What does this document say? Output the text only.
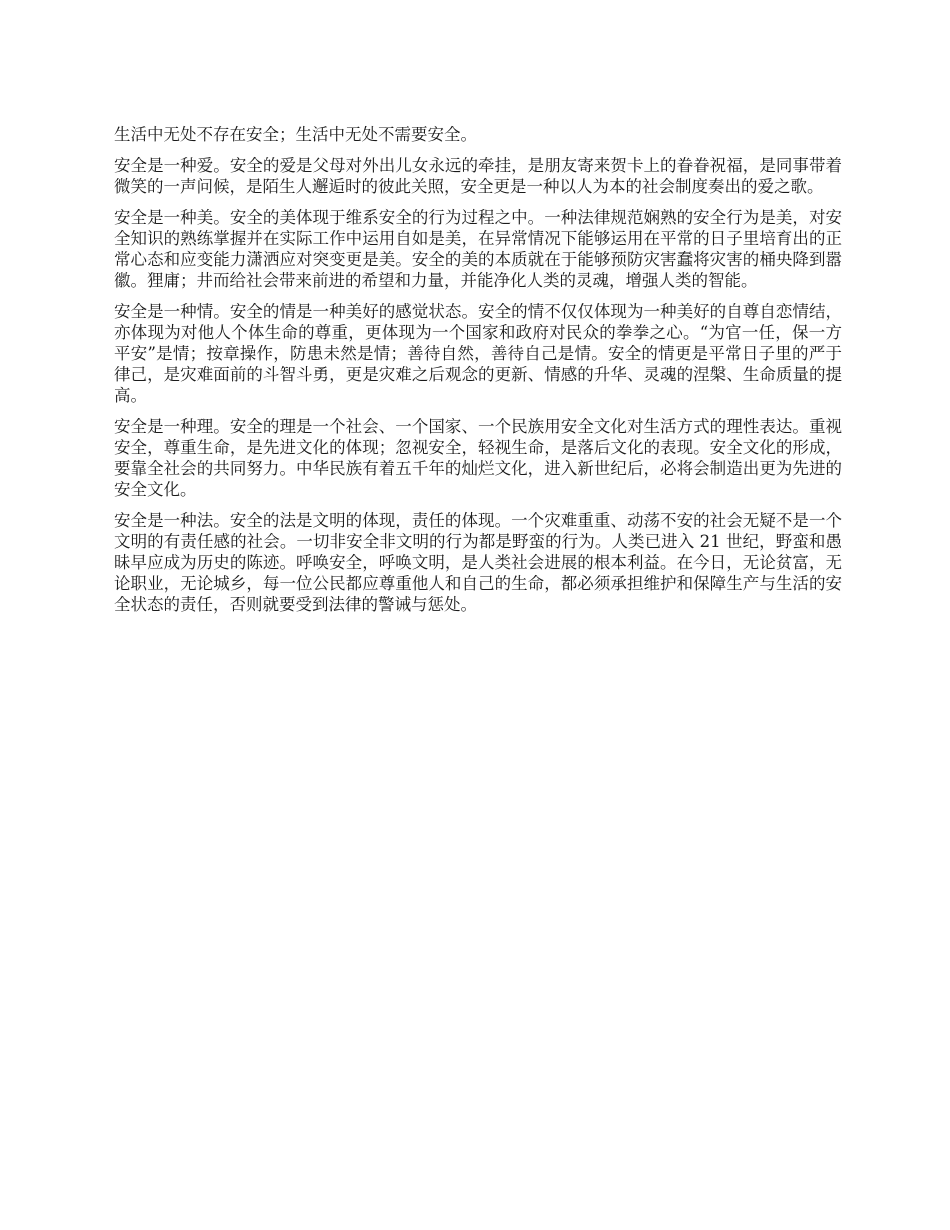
生活中无处不存在安全；生活中无处不需要安全。

安全是一种爱。安全的爱是父母对外出儿女永远的牵挂，是朋友寄来贺卡上的眷眷祝福，是同事带着微笑的一声问候，是陌生人邂逅时的彼此关照，安全更是一种以人为本的社会制度奏出的爱之歌。

安全是一种美。安全的美体现于维系安全的行为过程之中。一种法律规范娴熟的安全行为是美，对安全知识的熟练掌握并在实际工作中运用自如是美，在异常情况下能够运用在平常的日子里培育出的正常心态和应变能力潇洒应对突变更是美。安全的美的本质就在于能够预防灾害蠢将灾害的桶央降到嚣徽。狸庸；井而给社会带来前进的希望和力量，并能净化人类的灵魂，增强人类的智能。

安全是一种情。安全的情是一种美好的感觉状态。安全的情不仅仅体现为一种美好的自尊自恋情结，亦体现为对他人个体生命的尊重，更体现为一个国家和政府对民众的拳拳之心。“为官一任，保一方平安”是情；按章操作，防患未然是情；善待自然，善待自己是情。安全的情更是平常日子里的严于律己，是灾难面前的斗智斗勇，更是灾难之后观念的更新、情感的升华、灵魂的涅槃、生命质量的提高。

安全是一种理。安全的理是一个社会、一个国家、一个民族用安全文化对生活方式的理性表达。重视安全，尊重生命，是先进文化的体现；忽视安全，轻视生命，是落后文化的表现。安全文化的形成，要靠全社会的共同努力。中华民族有着五千年的灿烂文化，进入新世纪后，必将会制造出更为先进的安全文化。

安全是一种法。安全的法是文明的体现，责任的体现。一个灾难重重、动荡不安的社会无疑不是一个文明的有责任感的社会。一切非安全非文明的行为都是野蛮的行为。人类已进入 21 世纪，野蛮和愚昧早应成为历史的陈迹。呼唤安全，呼唤文明，是人类社会进展的根本利益。在今日，无论贫富，无论职业，无论城乡，每一位公民都应尊重他人和自己的生命，都必须承担维护和保障生产与生活的安全状态的责任，否则就要受到法律的警诫与惩处。
